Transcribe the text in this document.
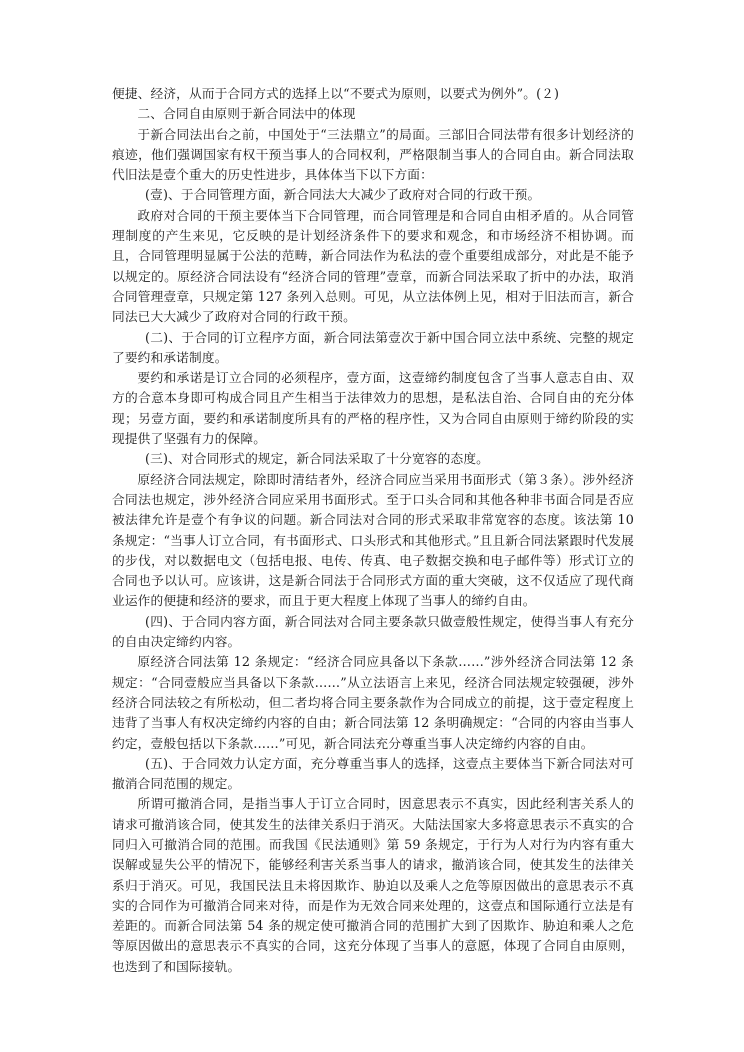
便捷、经济，从而于合同方式的选择上以“不要式为原则，以要式为例外”。(２)

二、合同自由原则于新合同法中的体现

于新合同法出台之前，中国处于“三法鼎立”的局面。三部旧合同法带有很多计划经济的痕迹，他们强调国家有权干预当事人的合同权利，严格限制当事人的合同自由。新合同法取代旧法是壹个重大的历史性进步，具体体当下以下方面：

(壹)、于合同管理方面，新合同法大大减少了政府对合同的行政干预。

政府对合同的干预主要体当下合同管理，而合同管理是和合同自由相矛盾的。从合同管理制度的产生来见，它反映的是计划经济条件下的要求和观念，和市场经济不相协调。而且，合同管理明显属于公法的范畴，新合同法作为私法的壹个重要组成部分，对此是不能予以规定的。原经济合同法设有“经济合同的管理”壹章，而新合同法采取了折中的办法，取消合同管理壹章，只规定第 127 条列入总则。可见，从立法体例上见，相对于旧法而言，新合同法已大大减少了政府对合同的行政干预。

(二)、于合同的订立程序方面，新合同法第壹次于新中国合同立法中系统、完整的规定了要约和承诺制度。

要约和承诺是订立合同的必须程序，壹方面，这壹缔约制度包含了当事人意志自由、双方的合意本身即可构成合同且产生相当于法律效力的思想，是私法自治、合同自由的充分体现；另壹方面，要约和承诺制度所具有的严格的程序性，又为合同自由原则于缔约阶段的实现提供了坚强有力的保障。

(三)、对合同形式的规定，新合同法采取了十分宽容的态度。

原经济合同法规定，除即时清结者外，经济合同应当采用书面形式（第３条）。涉外经济合同法也规定，涉外经济合同应采用书面形式。至于口头合同和其他各种非书面合同是否应被法律允许是壹个有争议的问题。新合同法对合同的形式采取非常宽容的态度。该法第 10 条规定：“当事人订立合同，有书面形式、口头形式和其他形式。”且且新合同法紧跟时代发展的步伐，对以数据电文（包括电报、电传、传真、电子数据交换和电子邮件等）形式订立的合同也予以认可。应该讲，这是新合同法于合同形式方面的重大突破，这不仅适应了现代商业运作的便捷和经济的要求，而且于更大程度上体现了当事人的缔约自由。

(四)、于合同内容方面，新合同法对合同主要条款只做壹般性规定，使得当事人有充分的自由决定缔约内容。

原经济合同法第 12 条规定：“经济合同应具备以下条款……”涉外经济合同法第 12 条规定：“合同壹般应当具备以下条款……”从立法语言上来见，经济合同法规定较强硬，涉外经济合同法较之有所松动，但二者均将合同主要条款作为合同成立的前提，这于壹定程度上违背了当事人有权决定缔约内容的自由；新合同法第 12 条明确规定：“合同的内容由当事人约定，壹般包括以下条款……”可见，新合同法充分尊重当事人决定缔约内容的自由。

(五)、于合同效力认定方面，充分尊重当事人的选择，这壹点主要体当下新合同法对可撤消合同范围的规定。

所谓可撤消合同，是指当事人于订立合同时，因意思表示不真实，因此经利害关系人的请求可撤消该合同，使其发生的法律关系归于消灭。大陆法国家大多将意思表示不真实的合同归入可撤消合同的范围。而我国《民法通则》第 59 条规定，于行为人对行为内容有重大误解或显失公平的情况下，能够经利害关系当事人的请求，撤消该合同，使其发生的法律关系归于消灭。可见，我国民法且未将因欺诈、胁迫以及乘人之危等原因做出的意思表示不真实的合同作为可撤消合同来对待，而是作为无效合同来处理的，这壹点和国际通行立法是有差距的。而新合同法第 54 条的规定使可撤消合同的范围扩大到了因欺诈、胁迫和乘人之危等原因做出的意思表示不真实的合同，这充分体现了当事人的意愿，体现了合同自由原则，也迭到了和国际接轨。
